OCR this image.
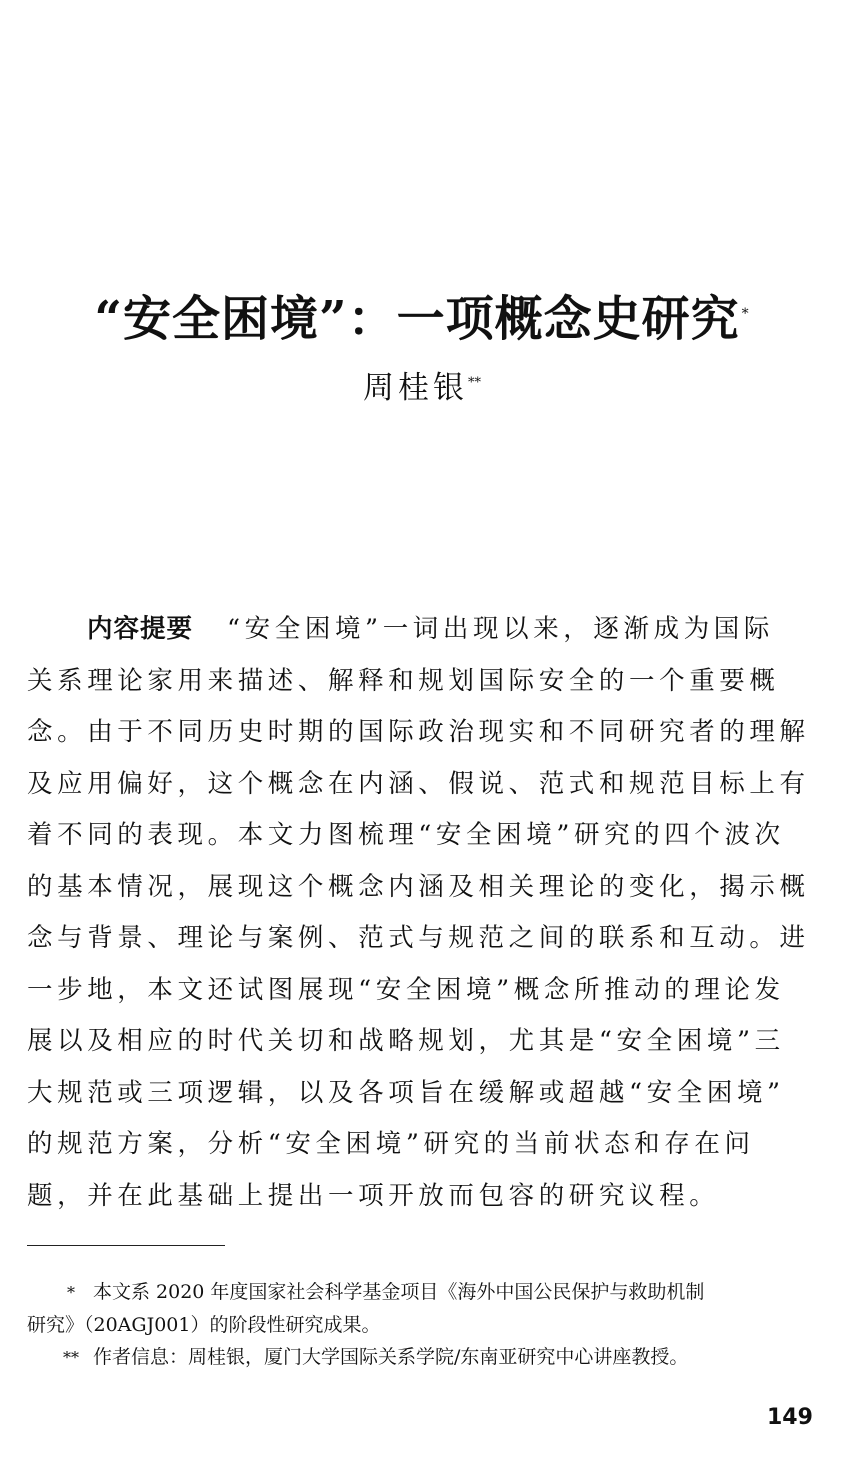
“安全困境”：一项概念史研究 *
周桂银**
内容提要 “安全困境”一词出现以来，逐渐成为国际
关系理论家用来描述、解释和规划国际安全的一个重要概
念。由于不同历史时期的国际政治现实和不同研究者的理解
及应用偏好，这个概念在内涵、假说、范式和规范目标上有
着不同的表现。本文力图梳理“安全困境”研究的四个波次
的基本情况，展现这个概念内涵及相关理论的变化，揭示概
念与背景、理论与案例、范式与规范之间的联系和互动。进
一步地，本文还试图展现“安全困境”概念所推动的理论发
展以及相应的时代关切和战略规划，尤其是“安全困境”三
大规范或三项逻辑，以及各项旨在缓解或超越“安全困境”
的规范方案，分析“安全困境”研究的当前状态和存在问
题，并在此基础上提出一项开放而包容的研究议程。
* 本文系 2020 年度国家社会科学基金项目《海外中国公民保护与救助机制
研究》（20AGJ001）的阶段性研究成果。
** 作者信息：周桂银，厦门大学国际关系学院/东南亚研究中心讲座教授。
149
